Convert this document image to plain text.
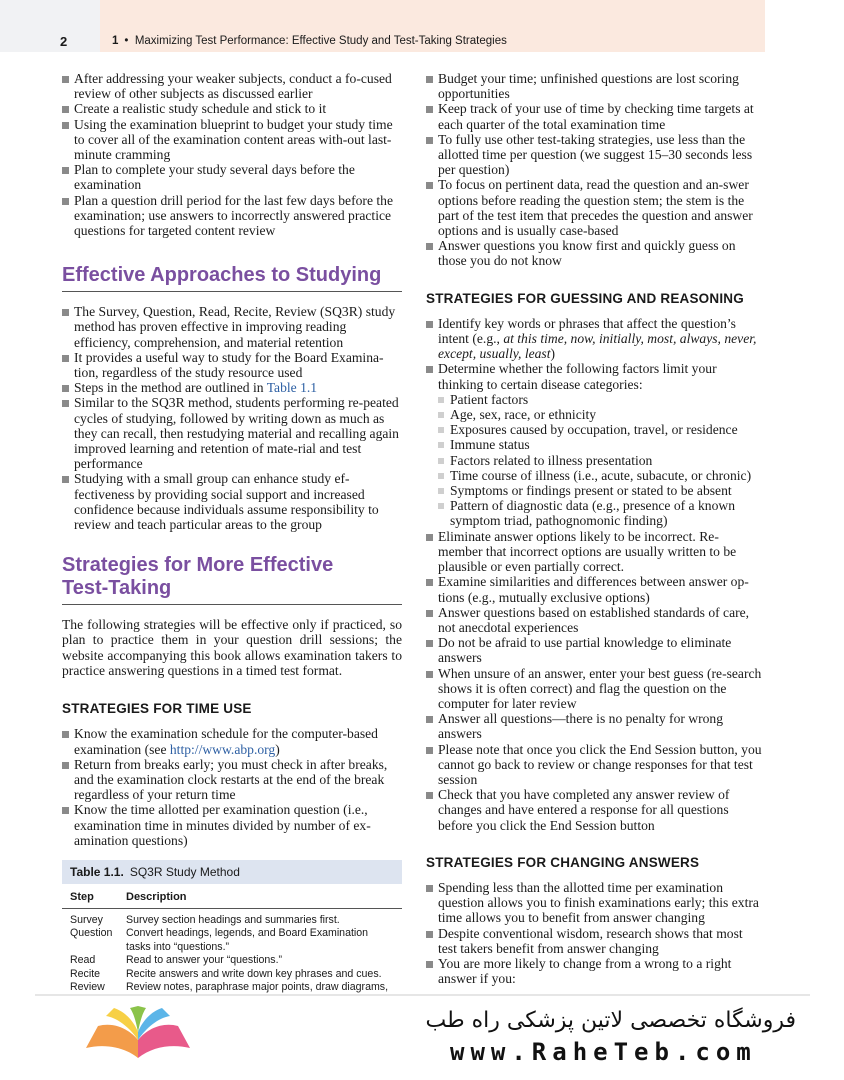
2	1 • Maximizing Test Performance: Effective Study and Test-Taking Strategies
After addressing your weaker subjects, conduct a fo-cused review of other subjects as discussed earlier
Create a realistic study schedule and stick to it
Using the examination blueprint to budget your study time to cover all of the examination content areas with-out last-minute cramming
Plan to complete your study several days before the examination
Plan a question drill period for the last few days before the examination; use answers to incorrectly answered practice questions for targeted content review
Effective Approaches to Studying
The Survey, Question, Read, Recite, Review (SQ3R) study method has proven effective in improving reading efficiency, comprehension, and material retention
It provides a useful way to study for the Board Examina-tion, regardless of the study resource used
Steps in the method are outlined in Table 1.1
Similar to the SQ3R method, students performing re-peated cycles of studying, followed by writing down as much as they can recall, then restudying material and recalling again improved learning and retention of mate-rial and test performance
Studying with a small group can enhance study ef-fectiveness by providing social support and increased confidence because individuals assume responsibility to review and teach particular areas to the group
Strategies for More Effective
Test-Taking

The following strategies will be effective only if practiced, so plan to practice them in your question drill sessions; the website accompanying this book allows examination takers to practice answering questions in a timed test format.

STRATEGIES FOR TIME USE
Know the examination schedule for the computer-based examination (see http://www.abp.org)
Return from breaks early; you must check in after breaks, and the examination clock restarts at the end of the break regardless of your return time
Know the time allotted per examination question (i.e., examination time in minutes divided by number of ex-amination questions)
Table 1.1. SQ3R Study Method
Step	Description
Survey	Survey section headings and summaries first.
Question	Convert headings, legends, and Board Examination tasks into “questions.”
Read	Read to answer your “questions.”
Recite	Recite answers and write down key phrases and cues.
Review	Review notes, paraphrase major points, draw diagrams,
Budget your time; unfinished questions are lost scoring opportunities
Keep track of your use of time by checking time targets at each quarter of the total examination time
To fully use other test-taking strategies, use less than the allotted time per question (we suggest 15–30 seconds less per question)
To focus on pertinent data, read the question and an-swer options before reading the question stem; the stem is the part of the test item that precedes the question and answer options and is usually case-based
Answer questions you know first and quickly guess on those you do not know
STRATEGIES FOR GUESSING AND REASONING
Identify key words or phrases that affect the question’s intent (e.g., at this time, now, initially, most, always, never, except, usually, least)
Determine whether the following factors limit your thinking to certain disease categories:
Patient factors
Age, sex, race, or ethnicity
Exposures caused by occupation, travel, or residence
Immune status
Factors related to illness presentation
Time course of illness (i.e., acute, subacute, or chronic)
Symptoms or findings present or stated to be absent
Pattern of diagnostic data (e.g., presence of a known symptom triad, pathognomonic finding)
Eliminate answer options likely to be incorrect. Re-member that incorrect options are usually written to be plausible or even partially correct.
Examine similarities and differences between answer op-tions (e.g., mutually exclusive options)
Answer questions based on established standards of care, not anecdotal experiences
Do not be afraid to use partial knowledge to eliminate answers
When unsure of an answer, enter your best guess (re-search shows it is often correct) and flag the question on the computer for later review
Answer all questions—there is no penalty for wrong answers
Please note that once you click the End Session button, you cannot go back to review or change responses for that test session
Check that you have completed any answer review of changes and have entered a response for all questions before you click the End Session button
STRATEGIES FOR CHANGING ANSWERS
Spending less than the allotted time per examination question allows you to finish examinations early; this extra time allows you to benefit from answer changing
Despite conventional wisdom, research shows that most test takers benefit from answer changing
You are more likely to change from a wrong to a right answer if you:
فروشگاه تخصصی لاتین پزشکی راه طب
www.RaheTeb.com
